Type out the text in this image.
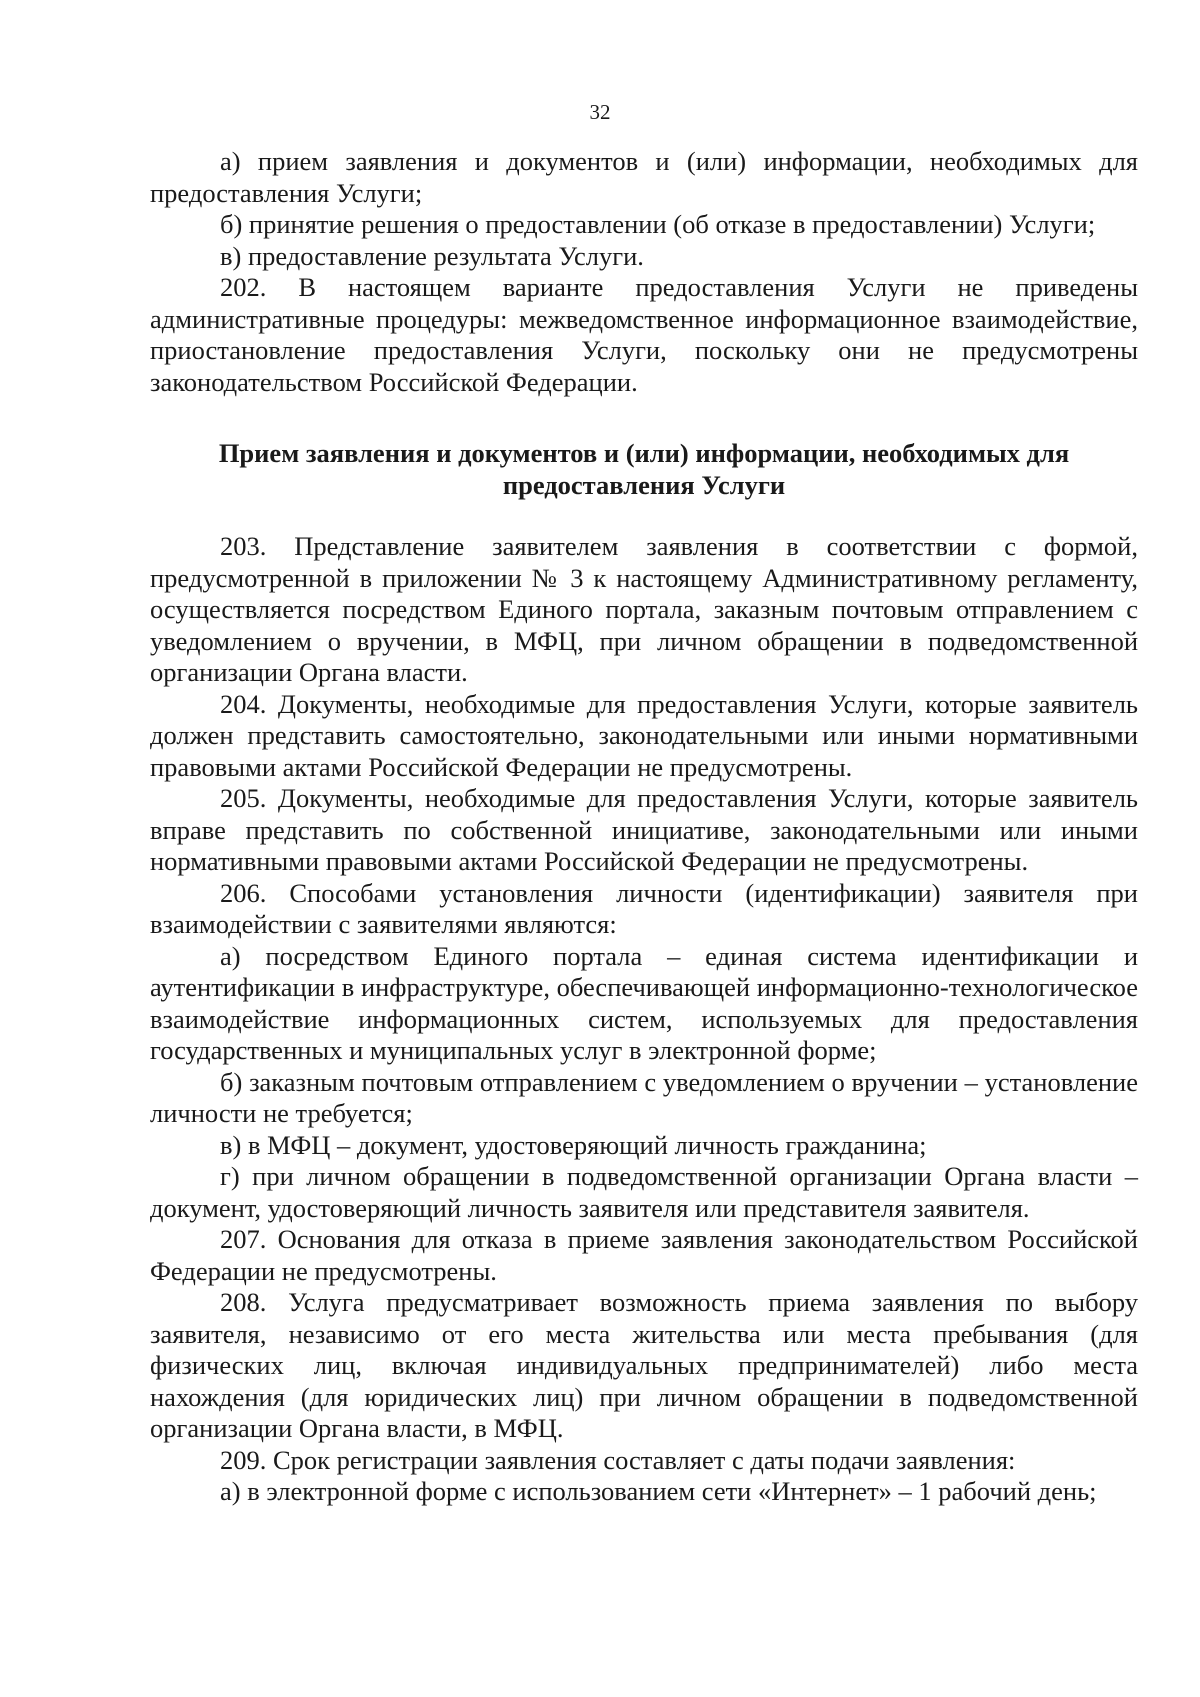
32

а) прием заявления и документов и (или) информации, необходимых для предоставления Услуги;

б) принятие решения о предоставлении (об отказе в предоставлении) Услуги;

в) предоставление результата Услуги.

202. В настоящем варианте предоставления Услуги не приведены административные процедуры: межведомственное информационное взаимодействие, приостановление предоставления Услуги, поскольку они не предусмотрены законодательством Российской Федерации.

Прием заявления и документов и (или) информации, необходимых для предоставления Услуги

203. Представление заявителем заявления в соответствии с формой, предусмотренной в приложении № 3 к настоящему Административному регламенту, осуществляется посредством Единого портала, заказным почтовым отправлением с уведомлением о вручении, в МФЦ, при личном обращении в подведомственной организации Органа власти.

204. Документы, необходимые для предоставления Услуги, которые заявитель должен представить самостоятельно, законодательными или иными нормативными правовыми актами Российской Федерации не предусмотрены.

205. Документы, необходимые для предоставления Услуги, которые заявитель вправе представить по собственной инициативе, законодательными или иными нормативными правовыми актами Российской Федерации не предусмотрены.

206. Способами установления личности (идентификации) заявителя при взаимодействии с заявителями являются:

а) посредством Единого портала – единая система идентификации и аутентификации в инфраструктуре, обеспечивающей информационно-технологическое взаимодействие информационных систем, используемых для предоставления государственных и муниципальных услуг в электронной форме;

б) заказным почтовым отправлением с уведомлением о вручении – установление личности не требуется;

в) в МФЦ – документ, удостоверяющий личность гражданина;

г) при личном обращении в подведомственной организации Органа власти – документ, удостоверяющий личность заявителя или представителя заявителя.

207. Основания для отказа в приеме заявления законодательством Российской Федерации не предусмотрены.

208. Услуга предусматривает возможность приема заявления по выбору заявителя, независимо от его места жительства или места пребывания (для физических лиц, включая индивидуальных предпринимателей) либо места нахождения (для юридических лиц) при личном обращении в подведомственной организации Органа власти, в МФЦ.

209. Срок регистрации заявления составляет с даты подачи заявления:

а) в электронной форме с использованием сети «Интернет» – 1 рабочий день;
